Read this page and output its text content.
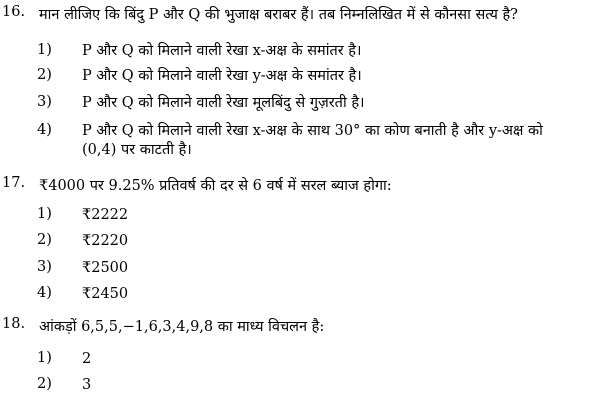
16. मान लीजिए कि बिंदु P और Q की भुजाक्ष बराबर हैं। तब निम्नलिखित में से कौनसा सत्य है?
1) P और Q को मिलाने वाली रेखा x-अक्ष के समांतर है।
2) P और Q को मिलाने वाली रेखा y-अक्ष के समांतर है।
3) P और Q को मिलाने वाली रेखा मूलबिंदु से गुज़रती है।
4) P और Q को मिलाने वाली रेखा x-अक्ष के साथ 30° का कोण बनाती है और y-अक्ष को
(0,4) पर काटती है।
17. ₹4000 पर 9.25% प्रतिवर्ष की दर से 6 वर्ष में सरल ब्याज होगा:
1) ₹2222
2) ₹2220
3) ₹2500
4) ₹2450
18. आंकड़ों 6,5,5,−1,6,3,4,9,8 का माध्य विचलन है:
1) 2
2) 3
